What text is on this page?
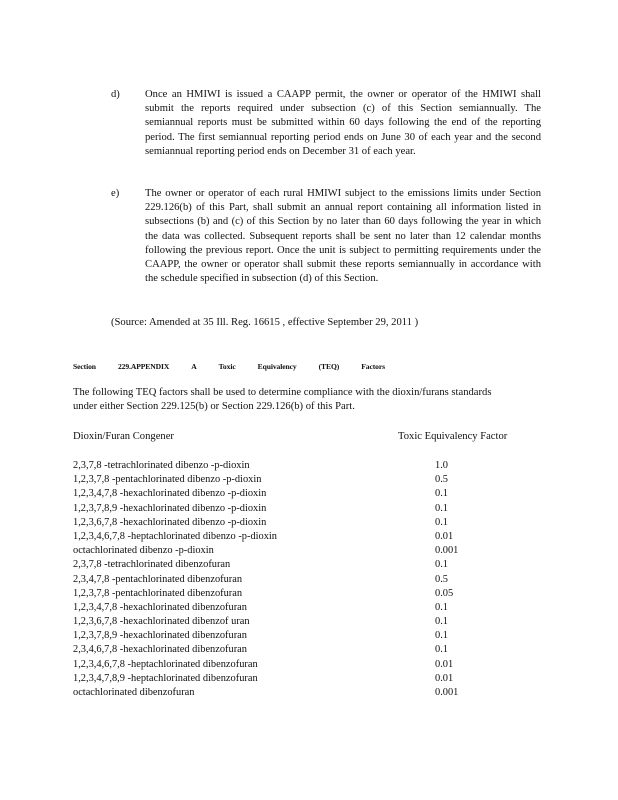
d) Once an HMIWI is issued a CAAPP permit, the owner or operator of the HMIWI shall submit the reports required under subsection (c) of this Section semiannually. The semiannual reports must be submitted within 60 days following the end of the reporting period. The first semiannual reporting period ends on June 30 of each year and the second semiannual reporting period ends on December 31 of each year.
e) The owner or operator of each rural HMIWI subject to the emissions limits under Section 229.126(b) of this Part, shall submit an annual report containing all information listed in subsections (b) and (c) of this Section by no later than 60 days following the year in which the data was collected. Subsequent reports shall be sent no later than 12 calendar months following the previous report. Once the unit is subject to permitting requirements under the CAAPP, the owner or operator shall submit these reports semiannually in accordance with the schedule specified in subsection (d) of this Section.
(Source: Amended at 35 Ill. Reg. 16615 , effective September 29, 2011 )
Section	229.APPENDIX	A	Toxic	Equivalency	(TEQ)	Factors
The following TEQ factors shall be used to determine compliance with the dioxin/furans standards under either Section 229.125(b) or Section 229.126(b) of this Part.
Dioxin/Furan Congener	Toxic Equivalency Factor
2,3,7,8 -tetrachlorinated dibenzo -p-dioxin	1.0
1,2,3,7,8 -pentachlorinated dibenzo -p-dioxin	0.5
1,2,3,4,7,8 -hexachlorinated dibenzo -p-dioxin	0.1
1,2,3,7,8,9 -hexachlorinated dibenzo -p-dioxin	0.1
1,2,3,6,7,8 -hexachlorinated dibenzo -p-dioxin	0.1
1,2,3,4,6,7,8 -heptachlorinated dibenzo -p-dioxin	0.01
octachlorinated dibenzo -p-dioxin	0.001
2,3,7,8 -tetrachlorinated dibenzofuran	0.1
2,3,4,7,8 -pentachlorinated dibenzofuran	0.5
1,2,3,7,8 -pentachlorinated dibenzofuran	0.05
1,2,3,4,7,8 -hexachlorinated dibenzofuran	0.1
1,2,3,6,7,8 -hexachlorinated dibenzof uran	0.1
1,2,3,7,8,9 -hexachlorinated dibenzofuran	0.1
2,3,4,6,7,8 -hexachlorinated dibenzofuran	0.1
1,2,3,4,6,7,8 -heptachlorinated dibenzofuran	0.01
1,2,3,4,7,8,9 -heptachlorinated dibenzofuran	0.01
octachlorinated dibenzofuran	0.001
